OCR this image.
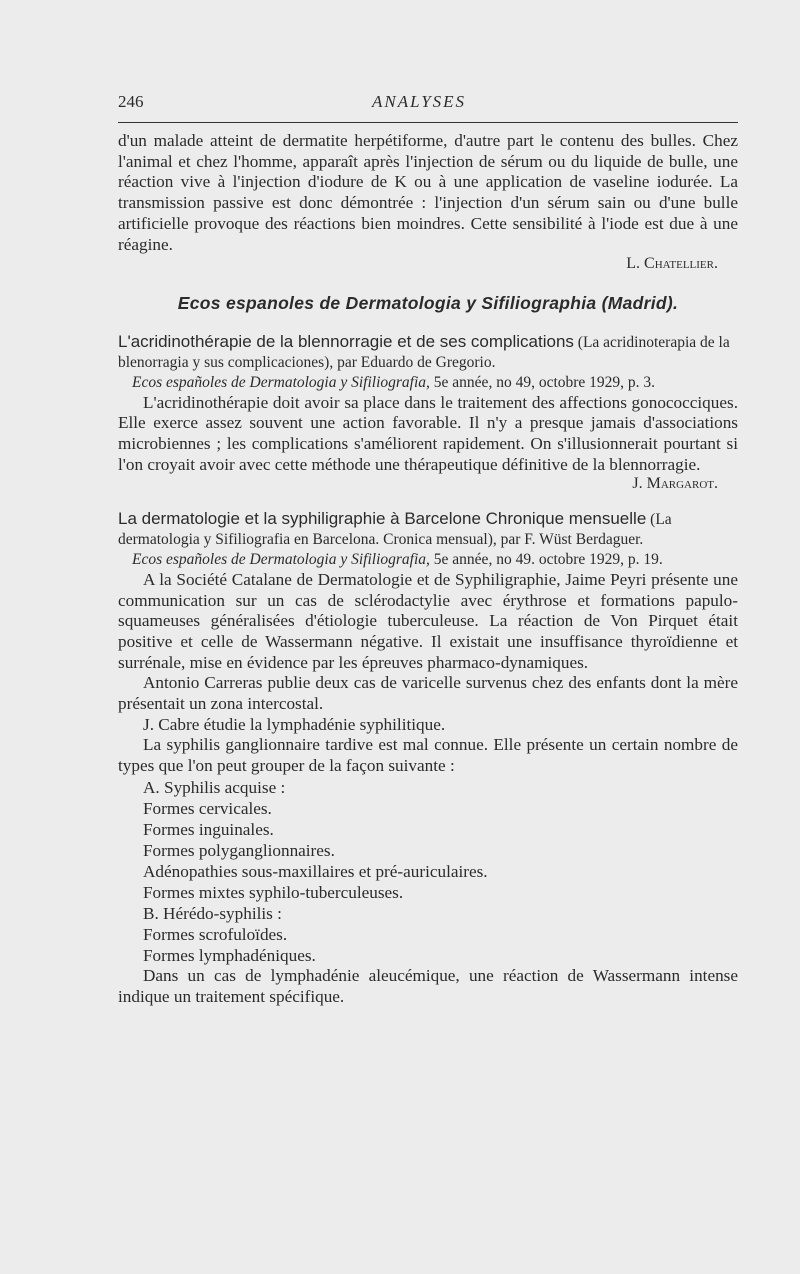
246	ANALYSES

d'un malade atteint de dermatite herpétiforme, d'autre part le contenu des bulles. Chez l'animal et chez l'homme, apparaît après l'injection de sérum ou du liquide de bulle, une réaction vive à l'injection d'iodure de K ou à une application de vaseline iodurée. La transmission passive est donc démontrée : l'injection d'un sérum sain ou d'une bulle artificielle provoque des réactions bien moindres. Cette sensibilité à l'iode est due à une réagine.

L. Chatellier.
Ecos espanoles de Dermatologia y Sifiliographia (Madrid).

L'acridinothérapie de la blennorragie et de ses complications (La acridinoterapia de la blenorragia y sus complicaciones), par Eduardo de Gregorio.

Ecos españoles de Dermatologia y Sifiliografia, 5e année, no 49, octobre 1929, p. 3.

L'acridinothérapie doit avoir sa place dans le traitement des affections gonococciques. Elle exerce assez souvent une action favorable. Il n'y a presque jamais d'associations microbiennes ; les complications s'améliorent rapidement. On s'illusionnerait pourtant si l'on croyait avoir avec cette méthode une thérapeutique définitive de la blennorragie.

J. Margarot.

La dermatologie et la syphiligraphie à Barcelone Chronique mensuelle (La dermatologia y Sifiliografia en Barcelona. Cronica mensual), par F. Wüst Berdaguer.

Ecos españoles de Dermatologia y Sifiliografia, 5e année, no 49. octobre 1929, p. 19.

A la Société Catalane de Dermatologie et de Syphiligraphie, Jaime Peyri présente une communication sur un cas de sclérodactylie avec érythrose et formations papulo-squameuses généralisées d'étiologie tuberculeuse. La réaction de Von Pirquet était positive et celle de Wassermann négative. Il existait une insuffisance thyroïdienne et surrénale, mise en évidence par les épreuves pharmaco-dynamiques.

Antonio Carreras publie deux cas de varicelle survenus chez des enfants dont la mère présentait un zona intercostal.

J. Cabre étudie la lymphadénie syphilitique.

La syphilis ganglionnaire tardive est mal connue. Elle présente un certain nombre de types que l'on peut grouper de la façon suivante :

A. Syphilis acquise :
Formes cervicales.
Formes inguinales.
Formes polyganglionnaires.
Adénopathies sous-maxillaires et pré-auriculaires.
Formes mixtes syphilo-tuberculeuses.
B. Hérédo-syphilis :
Formes scrofuloïdes.
Formes lymphadéniques.

Dans un cas de lymphadénie aleucémique, une réaction de Wassermann intense indique un traitement spécifique.
